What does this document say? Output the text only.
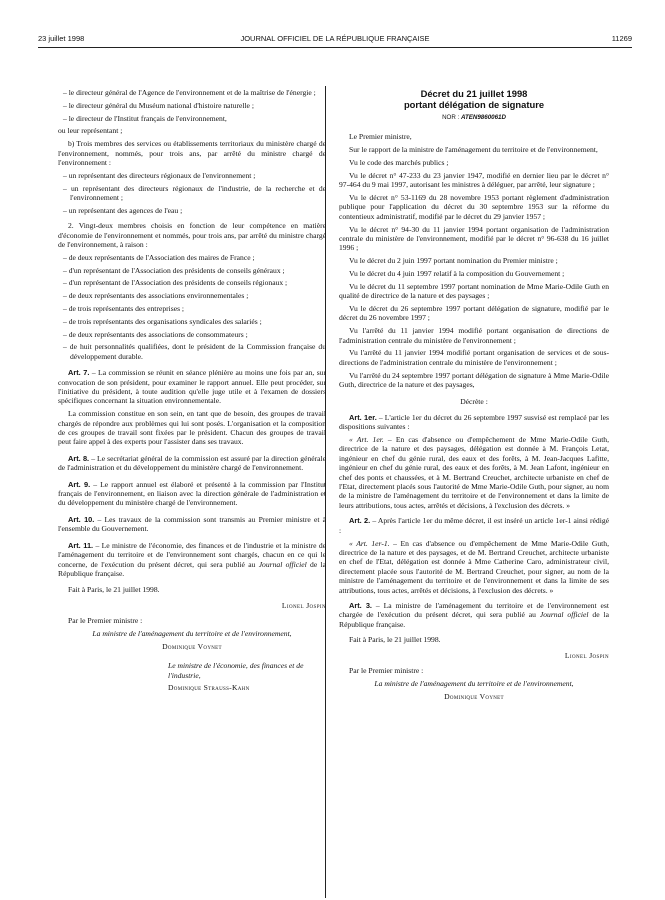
23 juillet 1998	JOURNAL OFFICIEL DE LA RÉPUBLIQUE FRANÇAISE	11269

– le directeur général de l'Agence de l'environnement et de la maîtrise de l'énergie ;

– le directeur général du Muséum national d'histoire naturelle ;

– le directeur de l'Institut français de l'environnement,

ou leur représentant ;

b) Trois membres des services ou établissements territoriaux du ministère chargé de l'environnement, nommés, pour trois ans, par arrêté du ministre chargé de l'environnement :

– un représentant des directeurs régionaux de l'environnement ;

– un représentant des directeurs régionaux de l'industrie, de la recherche et de l'environnement ;

– un représentant des agences de l'eau ;

2. Vingt-deux membres choisis en fonction de leur compétence en matière d'économie de l'environnement et nommés, pour trois ans, par arrêté du ministre chargé de l'environnement, à raison :

– de deux représentants de l'Association des maires de France ;

– d'un représentant de l'Association des présidents de conseils généraux ;

– d'un représentant de l'Association des présidents de conseils régionaux ;

– de deux représentants des associations environnementales ;

– de trois représentants des entreprises ;

– de trois représentants des organisations syndicales des salariés ;

– de deux représentants des associations de consommateurs ;

– de huit personnalités qualifiées, dont le président de la Commission française du développement durable.

Art. 7. – La commission se réunit en séance plénière au moins une fois par an, sur convocation de son président, pour examiner le rapport annuel. Elle peut procéder, sur l'initiative du président, à toute audition qu'elle juge utile et à l'examen de dossiers spécifiques concernant la situation environnementale.

La commission constitue en son sein, en tant que de besoin, des groupes de travail chargés de répondre aux problèmes qui lui sont posés. L'organisation et la composition de ces groupes de travail sont fixées par le président. Chacun des groupes de travail peut faire appel à des experts pour l'assister dans ses travaux.

Art. 8. – Le secrétariat général de la commission est assuré par la direction générale de l'administration et du développement du ministère chargé de l'environnement.

Art. 9. – Le rapport annuel est élaboré et présenté à la commission par l'Institut français de l'environnement, en liaison avec la direction générale de l'administration et du développement du ministère chargé de l'environnement.

Art. 10. – Les travaux de la commission sont transmis au Premier ministre et à l'ensemble du Gouvernement.

Art. 11. – Le ministre de l'économie, des finances et de l'industrie et la ministre de l'aménagement du territoire et de l'environnement sont chargés, chacun en ce qui le concerne, de l'exécution du présent décret, qui sera publié au Journal officiel de la République française.

Fait à Paris, le 21 juillet 1998.

Lionel Jospin

Par le Premier ministre :

La ministre de l'aménagement du territoire et de l'environnement,

Dominique Voynet

Le ministre de l'économie, des finances et de l'industrie,

Dominique Strauss-Kahn

Décret du 21 juillet 1998
portant délégation de signature
NOR : ATEN9860061D

Le Premier ministre,

Sur le rapport de la ministre de l'aménagement du territoire et de l'environnement,

Vu le code des marchés publics ;

Vu le décret n° 47-233 du 23 janvier 1947, modifié en dernier lieu par le décret n° 97-464 du 9 mai 1997, autorisant les ministres à déléguer, par arrêté, leur signature ;

Vu le décret n° 53-1169 du 28 novembre 1953 portant règlement d'administration publique pour l'application du décret du 30 septembre 1953 sur la réforme du contentieux administratif, modifié par le décret du 29 janvier 1957 ;

Vu le décret n° 94-30 du 11 janvier 1994 portant organisation de l'administration centrale du ministère de l'environnement, modifié par le décret n° 96-638 du 16 juillet 1996 ;

Vu le décret du 2 juin 1997 portant nomination du Premier ministre ;

Vu le décret du 4 juin 1997 relatif à la composition du Gouvernement ;

Vu le décret du 11 septembre 1997 portant nomination de Mme Marie-Odile Guth en qualité de directrice de la nature et des paysages ;

Vu le décret du 26 septembre 1997 portant délégation de signature, modifié par le décret du 26 novembre 1997 ;

Vu l'arrêté du 11 janvier 1994 modifié portant organisation de directions de l'administration centrale du ministère de l'environnement ;

Vu l'arrêté du 11 janvier 1994 modifié portant organisation de services et de sous-directions de l'administration centrale du ministère de l'environnement ;

Vu l'arrêté du 24 septembre 1997 portant délégation de signature à Mme Marie-Odile Guth, directrice de la nature et des paysages,

Décrète :

Art. 1er. – L'article 1er du décret du 26 septembre 1997 susvisé est remplacé par les dispositions suivantes :

« Art. 1er. – En cas d'absence ou d'empêchement de Mme Marie-Odile Guth, directrice de la nature et des paysages, délégation est donnée à M. François Letat, ingénieur en chef du génie rural, des eaux et des forêts, à M. Jean-Jacques Lafitte, ingénieur en chef du génie rural, des eaux et des forêts, à M. Jean Lafont, ingénieur en chef des ponts et chaussées, et à M. Bertrand Creuchet, architecte urbaniste en chef de l'Etat, directement placés sous l'autorité de Mme Marie-Odile Guth, pour signer, au nom de la ministre de l'aménagement du territoire et de l'environnement et dans la limite de leurs attributions, tous actes, arrêtés et décisions, à l'exclusion des décrets. »

Art. 2. – Après l'article 1er du même décret, il est inséré un article 1er-1 ainsi rédigé :

« Art. 1er-1. – En cas d'absence ou d'empêchement de Mme Marie-Odile Guth, directrice de la nature et des paysages, et de M. Bertrand Creuchet, architecte urbaniste en chef de l'Etat, délégation est donnée à Mme Catherine Caro, administrateur civil, directement placée sous l'autorité de M. Bertrand Creuchet, pour signer, au nom de la ministre de l'aménagement du territoire et de l'environnement et dans la limite de ses attributions, tous actes, arrêtés et décisions, à l'exclusion des décrets. »

Art. 3. – La ministre de l'aménagement du territoire et de l'environnement est chargée de l'exécution du présent décret, qui sera publié au Journal officiel de la République française.

Fait à Paris, le 21 juillet 1998.

Lionel Jospin

Par le Premier ministre :

La ministre de l'aménagement du territoire et de l'environnement,

Dominique Voynet
